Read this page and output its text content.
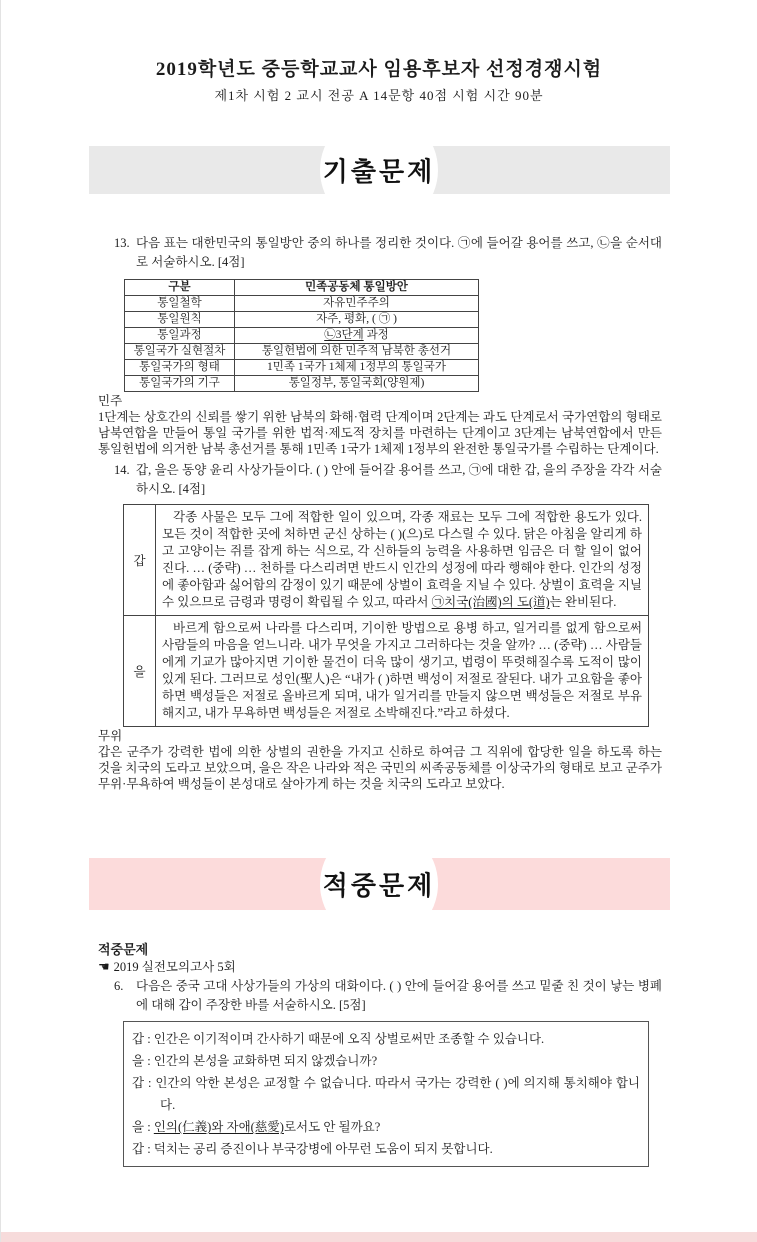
2019학년도 중등학교교사 임용후보자 선정경쟁시험
제1차 시험 2 교시 전공 A 14문항 40점 시험 시간 90분
기출문제
13. 다음 표는 대한민국의 통일방안 중의 하나를 정리한 것이다. ㉠에 들어갈 용어를 쓰고, ㉡을 순서대로 서술하시오. [4점]
구분	민족공동체 통일방안
통일철학	자유민주주의
통일원칙	자주, 평화, ( ㉠ )
통일과정	㉡3단계 과정
통일국가 실현절차	통일헌법에 의한 민주적 남북한 총선거
통일국가의 형태	1민족 1국가 1체제 1정부의 통일국가
통일국가의 기구	통일정부, 통일국회(양원제)
민주

1단계는 상호간의 신뢰를 쌓기 위한 남북의 화해·협력 단계이며 2단계는 과도 단계로서 국가연합의 형태로 남북연합을 만들어 통일 국가를 위한 법적·제도적 장치를 마련하는 단계이고 3단계는 남북연합에서 만든 통일헌법에 의거한 남북 총선거를 통해 1민족 1국가 1체제 1정부의 완전한 통일국가를 수립하는 단계이다.

14. 갑, 을은 동양 윤리 사상가들이다. ( ) 안에 들어갈 용어를 쓰고, ㉠에 대한 갑, 을의 주장을 각각 서술하시오. [4점]
갑	각종 사물은 모두 그에 적합한 일이 있으며, 각종 재료는 모두 그에 적합한 용도가 있다. 모든 것이 적합한 곳에 처하면 군신 상하는 ( )(으)로 다스릴 수 있다. 닭은 아침을 알리게 하고 고양이는 쥐를 잡게 하는 식으로, 각 신하들의 능력을 사용하면 임금은 더 할 일이 없어진다. … (중략) … 천하를 다스리려면 반드시 인간의 성정에 따라 행해야 한다. 인간의 성정에 좋아함과 싫어함의 감정이 있기 때문에 상벌이 효력을 지닐 수 있다. 상벌이 효력을 지닐 수 있으므로 금령과 명령이 확립될 수 있고, 따라서 ㉠치국(治國)의 도(道)는 완비된다.
을	바르게 함으로써 나라를 다스리며, 기이한 방법으로 용병 하고, 일거리를 없게 함으로써 사람들의 마음을 얻느니라. 내가 무엇을 가지고 그러하다는 것을 알까? … (중략) … 사람들에게 기교가 많아지면 기이한 물건이 더욱 많이 생기고, 법령이 뚜렷해질수록 도적이 많이 있게 된다. 그러므로 성인(聖人)은 “내가 ( )하면 백성이 저절로 잘된다. 내가 고요함을 좋아하면 백성들은 저절로 올바르게 되며, 내가 일거리를 만들지 않으면 백성들은 저절로 부유 해지고, 내가 무욕하면 백성들은 저절로 소박해진다.”라고 하셨다.
무위

갑은 군주가 강력한 법에 의한 상벌의 권한을 가지고 신하로 하여금 그 직위에 합당한 일을 하도록 하는 것을 치국의 도라고 보았으며, 을은 작은 나라와 적은 국민의 씨족공동체를 이상국가의 형태로 보고 군주가 무위·무욕하여 백성들이 본성대로 살아가게 하는 것을 치국의 도라고 보았다.

적중문제
적중문제
☚ 2019 실전모의고사 5회
6. 다음은 중국 고대 사상가들의 가상의 대화이다. ( ) 안에 들어갈 용어를 쓰고 밑줄 친 것이 낳는 병폐에 대해 갑이 주장한 바를 서술하시오. [5점]
갑 : 인간은 이기적이며 간사하기 때문에 오직 상벌로써만 조종할 수 있습니다.
을 : 인간의 본성을 교화하면 되지 않겠습니까?
갑 : 인간의 악한 본성은 교정할 수 없습니다. 따라서 국가는 강력한 ( )에 의지해 통치해야 합니다.
을 : 인의(仁義)와 자애(慈愛)로서도 안 될까요?
갑 : 덕치는 공리 증진이나 부국강병에 아무런 도움이 되지 못합니다.
